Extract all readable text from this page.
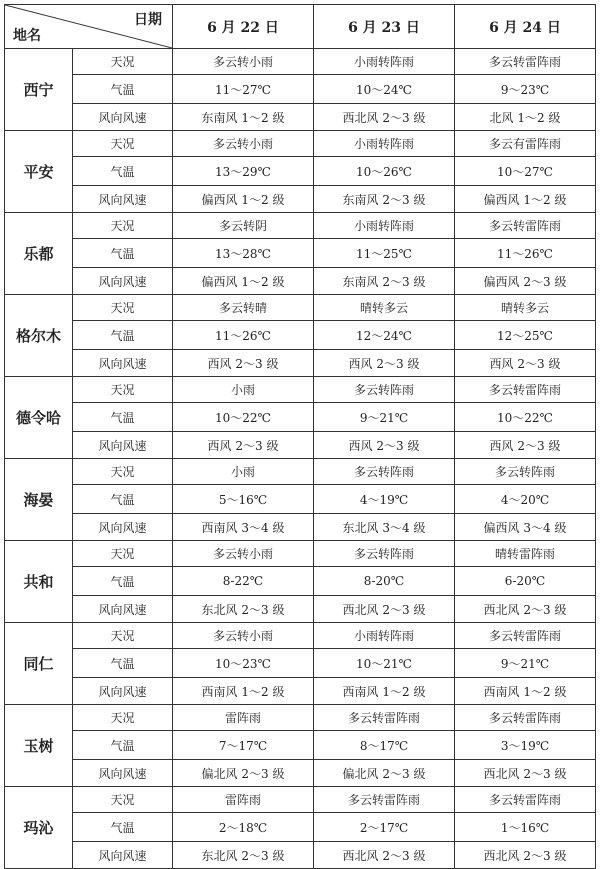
日期
地名		6 月 22 日	6 月 23 日	6 月 24 日
西宁	天况	多云转小雨	小雨转阵雨	多云转雷阵雨
	气温	11～27℃	10～24℃	9～23℃
	风向风速	东南风 1～2 级	西北风 2～3 级	北风 1～2 级
平安	天况	多云转小雨	小雨转阵雨	多云有雷阵雨
	气温	13～29℃	10～26℃	10～27℃
	风向风速	偏西风 1～2 级	东南风 2～3 级	偏西风 1～2 级
乐都	天况	多云转阴	小雨转阵雨	多云转雷阵雨
	气温	13～28℃	11～25℃	11～26℃
	风向风速	偏西风 1～2 级	东南风 2～3 级	偏西风 2～3 级
格尔木	天况	多云转晴	晴转多云	晴转多云
	气温	11～26℃	12～24℃	12～25℃
	风向风速	西风 2～3 级	西风 2～3 级	西风 2～3 级
德令哈	天况	小雨	多云转阵雨	多云转雷阵雨
	气温	10～22℃	9～21℃	10～22℃
	风向风速	西风 2～3 级	西风 2～3 级	西风 2～3 级
海晏	天况	小雨	多云转阵雨	多云转阵雨
	气温	5～16℃	4～19℃	4～20℃
	风向风速	西南风 3～4 级	东北风 3～4 级	偏西风 3～4 级
共和	天况	多云转小雨	多云转阵雨	晴转雷阵雨
	气温	8-22℃	8-20℃	6-20℃
	风向风速	东北风 2～3 级	西北风 2～3 级	西北风 2～3 级
同仁	天况	多云转小雨	小雨转阵雨	多云转雷阵雨
	气温	10～23℃	10～21℃	9～21℃
	风向风速	西南风 1～2 级	西南风 1～2 级	西南风 1～2 级
玉树	天况	雷阵雨	多云转雷阵雨	多云转雷阵雨
	气温	7～17℃	8～17℃	3～19℃
	风向风速	偏北风 2～3 级	偏北风 2～3 级	西北风 2～3 级
玛沁	天况	雷阵雨	多云转雷阵雨	多云转雷阵雨
	气温	2～18℃	2～17℃	1～16℃
	风向风速	东北风 2～3 级	西北风 2～3 级	西北风 2～3 级
